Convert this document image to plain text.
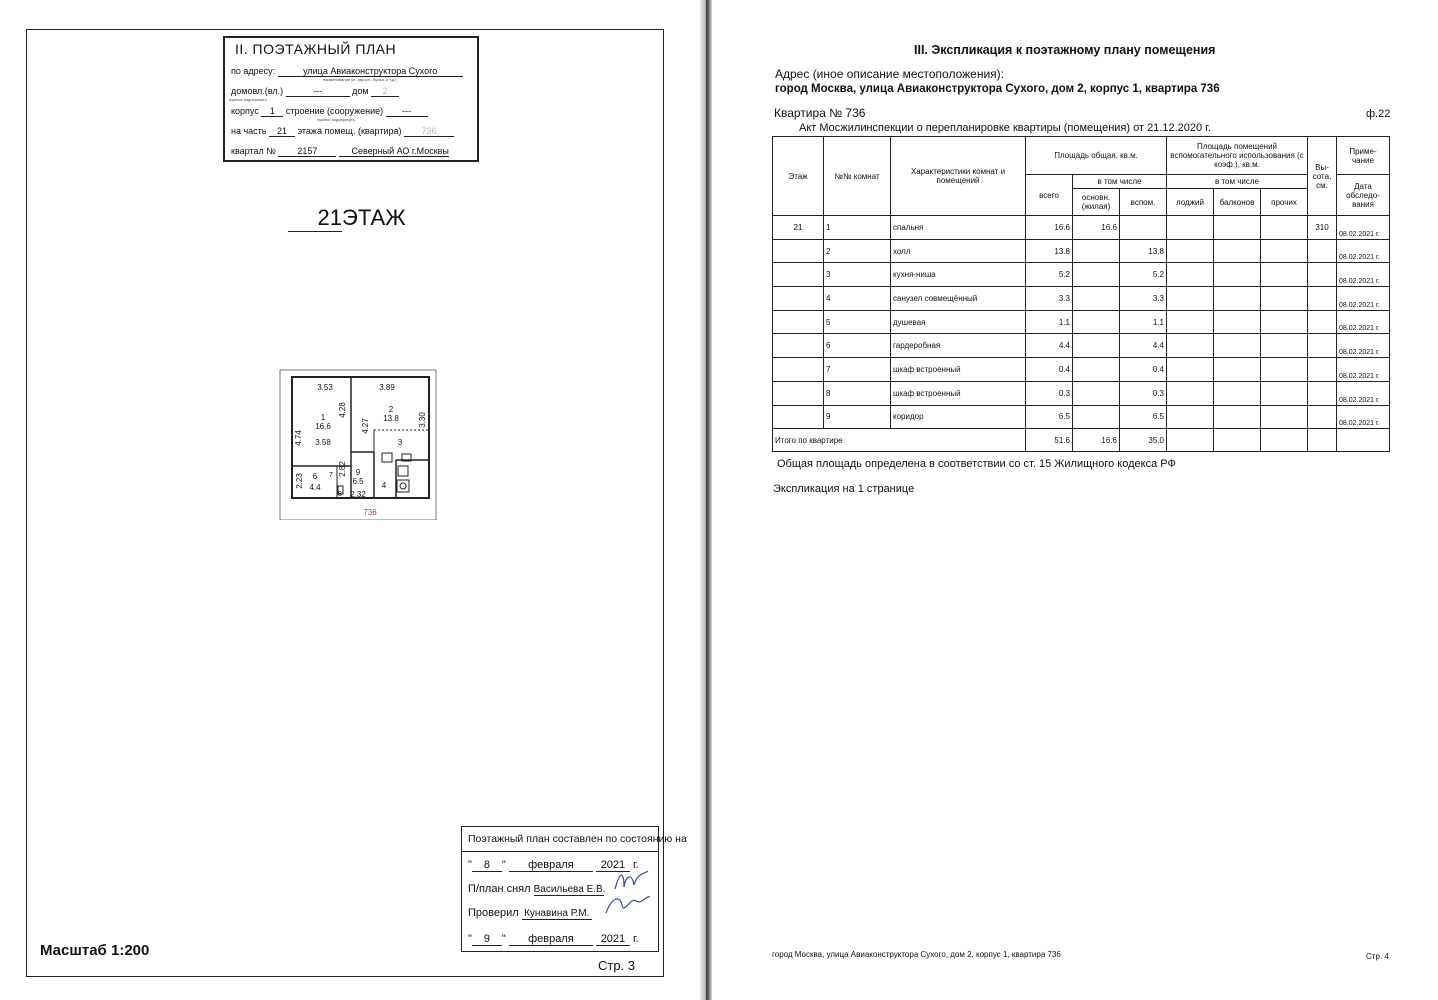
II. ПОЭТАЖНЫЙ ПЛАН
по адресу:	улица Авиаконструктора Сухого
наименование ул. (просп., бульв. и т.д.)
домовл.(вл.)	---	дом 2
нужное подчеркнуть
корпус 1 строение (сооружение) ---
нужное подчеркнуть
на часть 21 этажа помещ. (квартира) 736
квартал № 2157	Северный АО г.Москвы
21ЭТАЖ
3.53	3.89
4.28
4.27	3.30
4.74 3.58
2.82
2.23
2.32
1
16.6
2
13.8
3
4
6
4.4
7
8
9
6.5
736
Масштаб 1:200
Стр. 3
Поэтажный план составлен по состоянию на
" 8 " февраля 2021 г.
П/план снял Васильева Е.В.
Проверил Кунавина Р.М.
" 9 " февраля 2021 г.
III. Экспликация к поэтажному плану помещения
Адрес (иное описание местоположения):
город Москва, улица Авиаконструктора Сухого, дом 2, корпус 1, квартира 736
Квартира № 736	ф.22
Акт Мосжилинспекции о перепланировке квартиры (помещения) от 21.12.2020 г.
Этаж	№№ комнат	Характеристики комнат и помещений	Площадь общая, кв.м.			Площадь помещений вспомогательного использования (с коэф.), кв.м.			Вы-сота, см.	Приме-чание
			всего	в том числе		в том числе				Дата обследо-вания
				основн. (жилая)	вспом.	лоджий	балконов	прочих		
21	1	спальня	16.6	16.6					310	08.02.2021 г.
	2	холл	13.8		13.8					08.02.2021 г.
	3	кухня-ниша	5.2		5.2					08.02.2021 г.
	4	санузел совмещённый	3.3		3.3					08.02.2021 г.
	5	душевая	1.1		1.1					08.02.2021 г.
	6	гардеробная	4.4		4.4					08.02.2021 г.
	7	шкаф встроенный	0.4		0.4					08.02.2021 г.
	8	шкаф встроенный	0.3		0.3					08.02.2021 г.
	9	коридор	6.5		6.5					08.02.2021 г.
Итого по квартире			51.6	16.6	35.0					
Общая площадь определена в соответствии со ст. 15 Жилищного кодекса РФ
Экспликация на 1 странице
город Москва, улица Авиаконструктора Сухого, дом 2, корпус 1, квартира 736	Стр. 4
